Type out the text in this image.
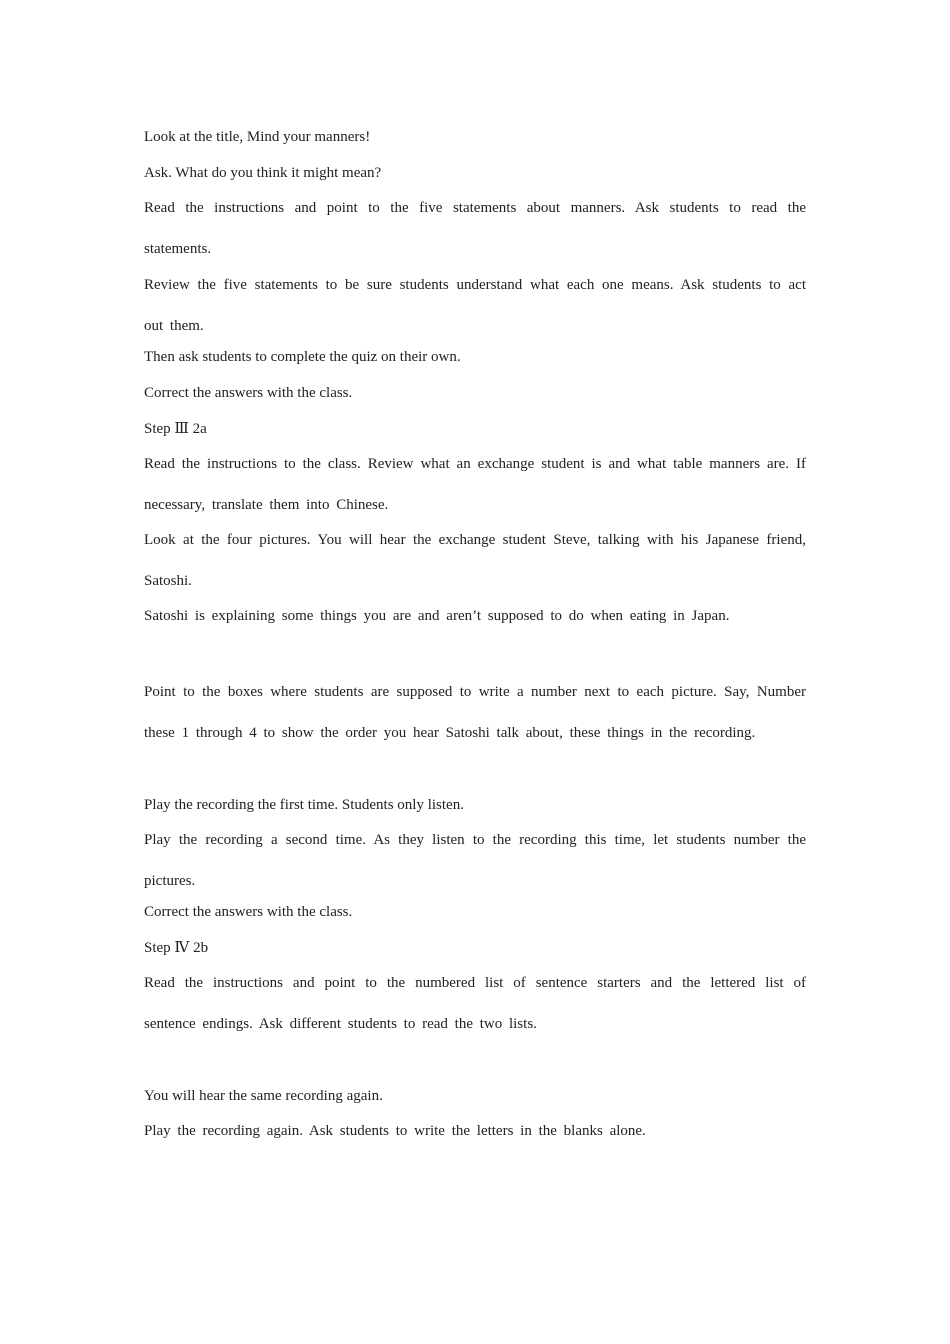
Look at the title, Mind your manners!
Ask. What do you think it might mean?
Read the instructions and point to the five statements about manners. Ask students to read the statements.
Review the five statements to be sure students understand what each one means. Ask students to act out them.
Then ask students to complete the quiz on their own.
Correct the answers with the class.
Step Ⅲ 2a
Read the instructions to the class. Review what an exchange student is and what table manners are. If necessary, translate them into Chinese.
Look at the four pictures. You will hear the exchange student Steve, talking with his Japanese friend, Satoshi.
Satoshi is explaining some things you are and aren’t supposed to do when eating in Japan.
Point to the boxes where students are supposed to write a number next to each picture. Say, Number these 1 through 4 to show the order you hear Satoshi talk about, these things in the recording.
Play the recording the first time. Students only listen.
Play the recording a second time. As they listen to the recording this time, let students number the pictures.
Correct the answers with the class.
Step Ⅳ 2b
Read the instructions and point to the numbered list of sentence starters and the lettered list of sentence endings. Ask different students to read the two lists.
You will hear the same recording again.
Play the recording again. Ask students to write the letters in the blanks alone.
